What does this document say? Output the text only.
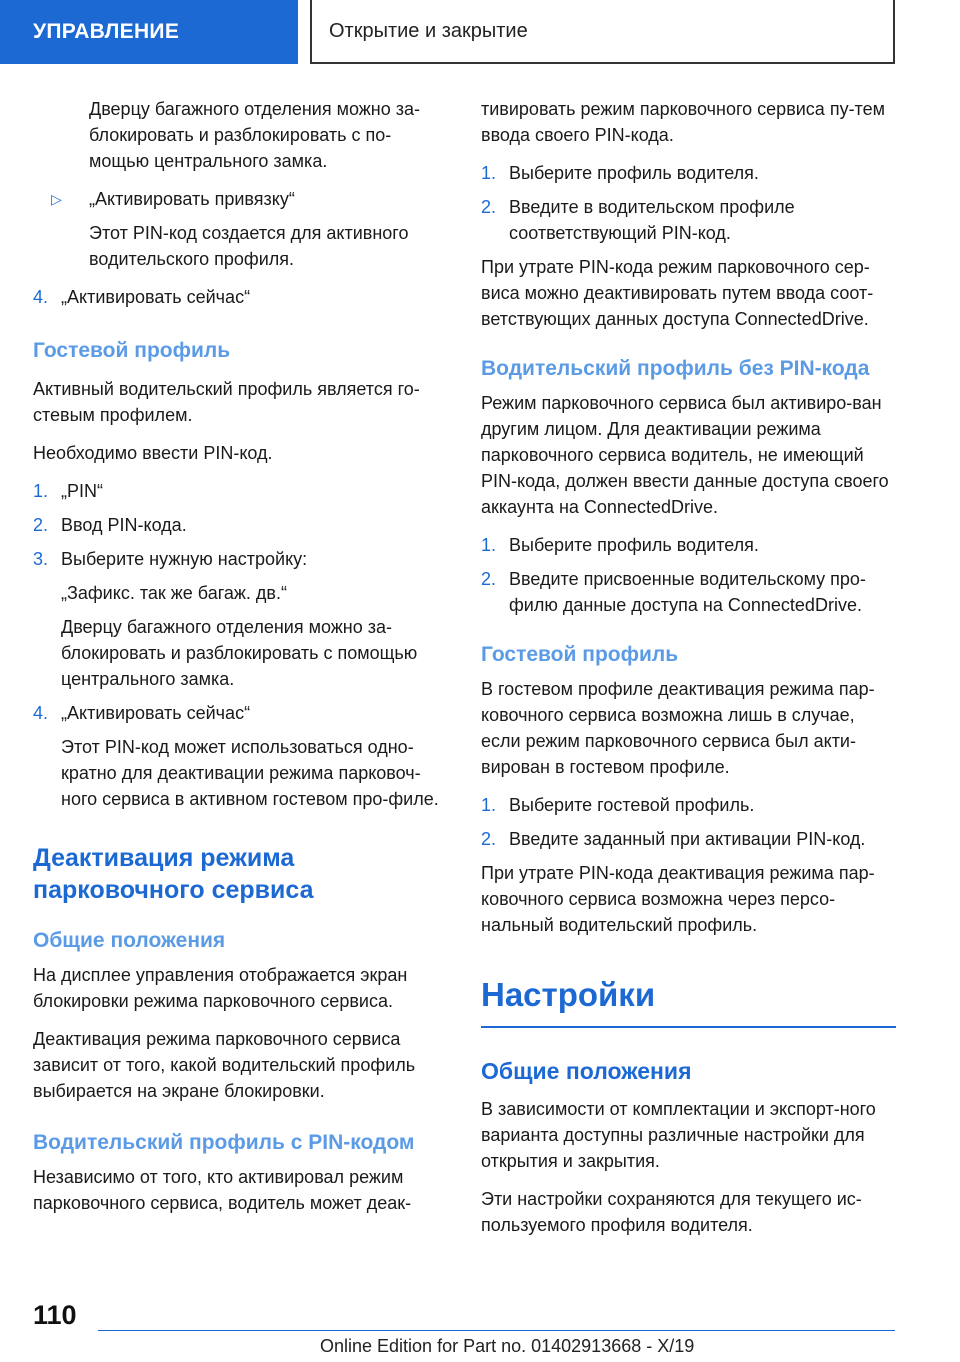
УПРАВЛЕНИЕ	Открытие и закрытие

Дверцу багажного отделения можно за-блокировать и разблокировать с по-мощью центрального замка.

▷ „Активировать привязку“

Этот PIN-код создается для активного водительского профиля.

4. „Активировать сейчас“
Гостевой профиль

Активный водительский профиль является го-стевым профилем.

Необходимо ввести PIN-код.

1. „PIN“
2. Ввод PIN-кода.
3. Выберите нужную настройку:
„Зафикс. так же багаж. дв.“
Дверцу багажного отделения можно за-блокировать и разблокировать с помощью центрального замка.
4. „Активировать сейчас“
Этот PIN-код может использоваться одно-кратно для деактивации режима парковоч-ного сервиса в активном гостевом про-филе.
Деактивация режима парковочного сервиса
Общие положения

На дисплее управления отображается экран блокировки режима парковочного сервиса.

Деактивация режима парковочного сервиса зависит от того, какой водительский профиль выбирается на экране блокировки.

Водительский профиль с PIN-кодом

Независимо от того, кто активировал режим парковочного сервиса, водитель может деак-

тивировать режим парковочного сервиса пу-тем ввода своего PIN-кода.

1. Выберите профиль водителя.
2. Введите в водительском профиле соответствующий PIN-код.

При утрате PIN-кода режим парковочного сер-виса можно деактивировать путем ввода соот-ветствующих данных доступа ConnectedDrive.

Водительский профиль без PIN-кода

Режим парковочного сервиса был активиро-ван другим лицом. Для деактивации режима парковочного сервиса водитель, не имеющий PIN-кода, должен ввести данные доступа своего аккаунта на ConnectedDrive.

1. Выберите профиль водителя.
2. Введите присвоенные водительскому про-филю данные доступа на ConnectedDrive.
Гостевой профиль

В гостевом профиле деактивация режима пар-ковочного сервиса возможна лишь в случае, если режим парковочного сервиса был акти-вирован в гостевом профиле.

1. Выберите гостевой профиль.
2. Введите заданный при активации PIN-код.

При утрате PIN-кода деактивация режима пар-ковочного сервиса возможна через персо-нальный водительский профиль.

Настройки
Общие положения

В зависимости от комплектации и экспорт-ного варианта доступны различные настройки для открытия и закрытия.

Эти настройки сохраняются для текущего ис-пользуемого профиля водителя.

110
Online Edition for Part no. 01402913668 - X/19
